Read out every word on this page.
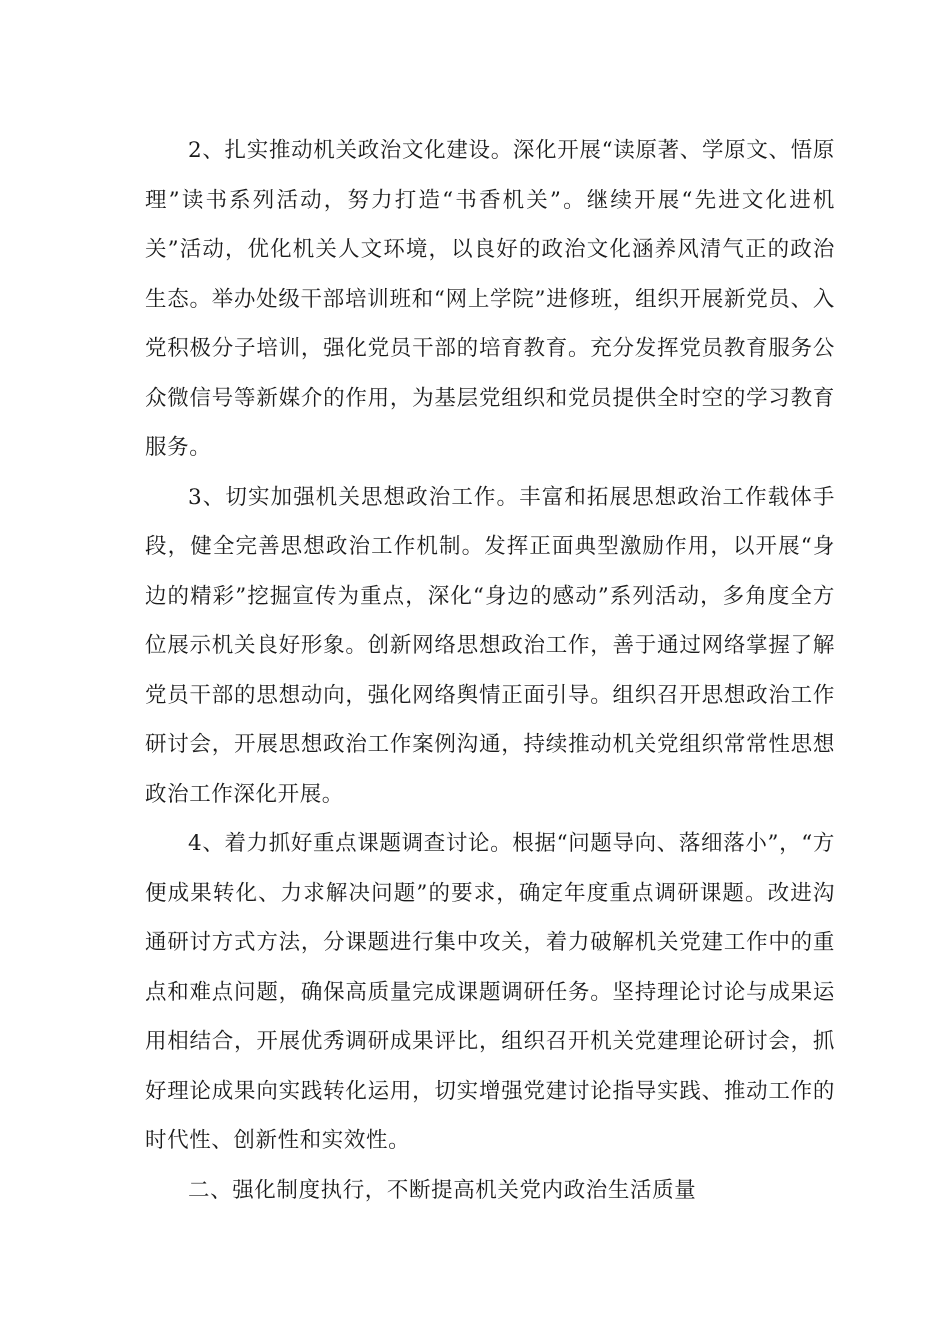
2、扎实推动机关政治文化建设。深化开展“读原著、学原文、悟原理”读书系列活动，努力打造“书香机关”。继续开展“先进文化进机关”活动，优化机关人文环境，以良好的政治文化涵养风清气正的政治生态。举办处级干部培训班和“网上学院”进修班，组织开展新党员、入党积极分子培训，强化党员干部的培育教育。充分发挥党员教育服务公众微信号等新媒介的作用，为基层党组织和党员提供全时空的学习教育服务。

3、切实加强机关思想政治工作。丰富和拓展思想政治工作载体手段，健全完善思想政治工作机制。发挥正面典型激励作用，以开展“身边的精彩”挖掘宣传为重点，深化“身边的感动”系列活动，多角度全方位展示机关良好形象。创新网络思想政治工作，善于通过网络掌握了解党员干部的思想动向，强化网络舆情正面引导。组织召开思想政治工作研讨会，开展思想政治工作案例沟通，持续推动机关党组织常常性思想政治工作深化开展。

4、着力抓好重点课题调查讨论。根据“问题导向、落细落小”，“方便成果转化、力求解决问题”的要求，确定年度重点调研课题。改进沟通研讨方式方法，分课题进行集中攻关，着力破解机关党建工作中的重点和难点问题，确保高质量完成课题调研任务。坚持理论讨论与成果运用相结合，开展优秀调研成果评比，组织召开机关党建理论研讨会，抓好理论成果向实践转化运用，切实增强党建讨论指导实践、推动工作的时代性、创新性和实效性。

二、强化制度执行，不断提高机关党内政治生活质量
